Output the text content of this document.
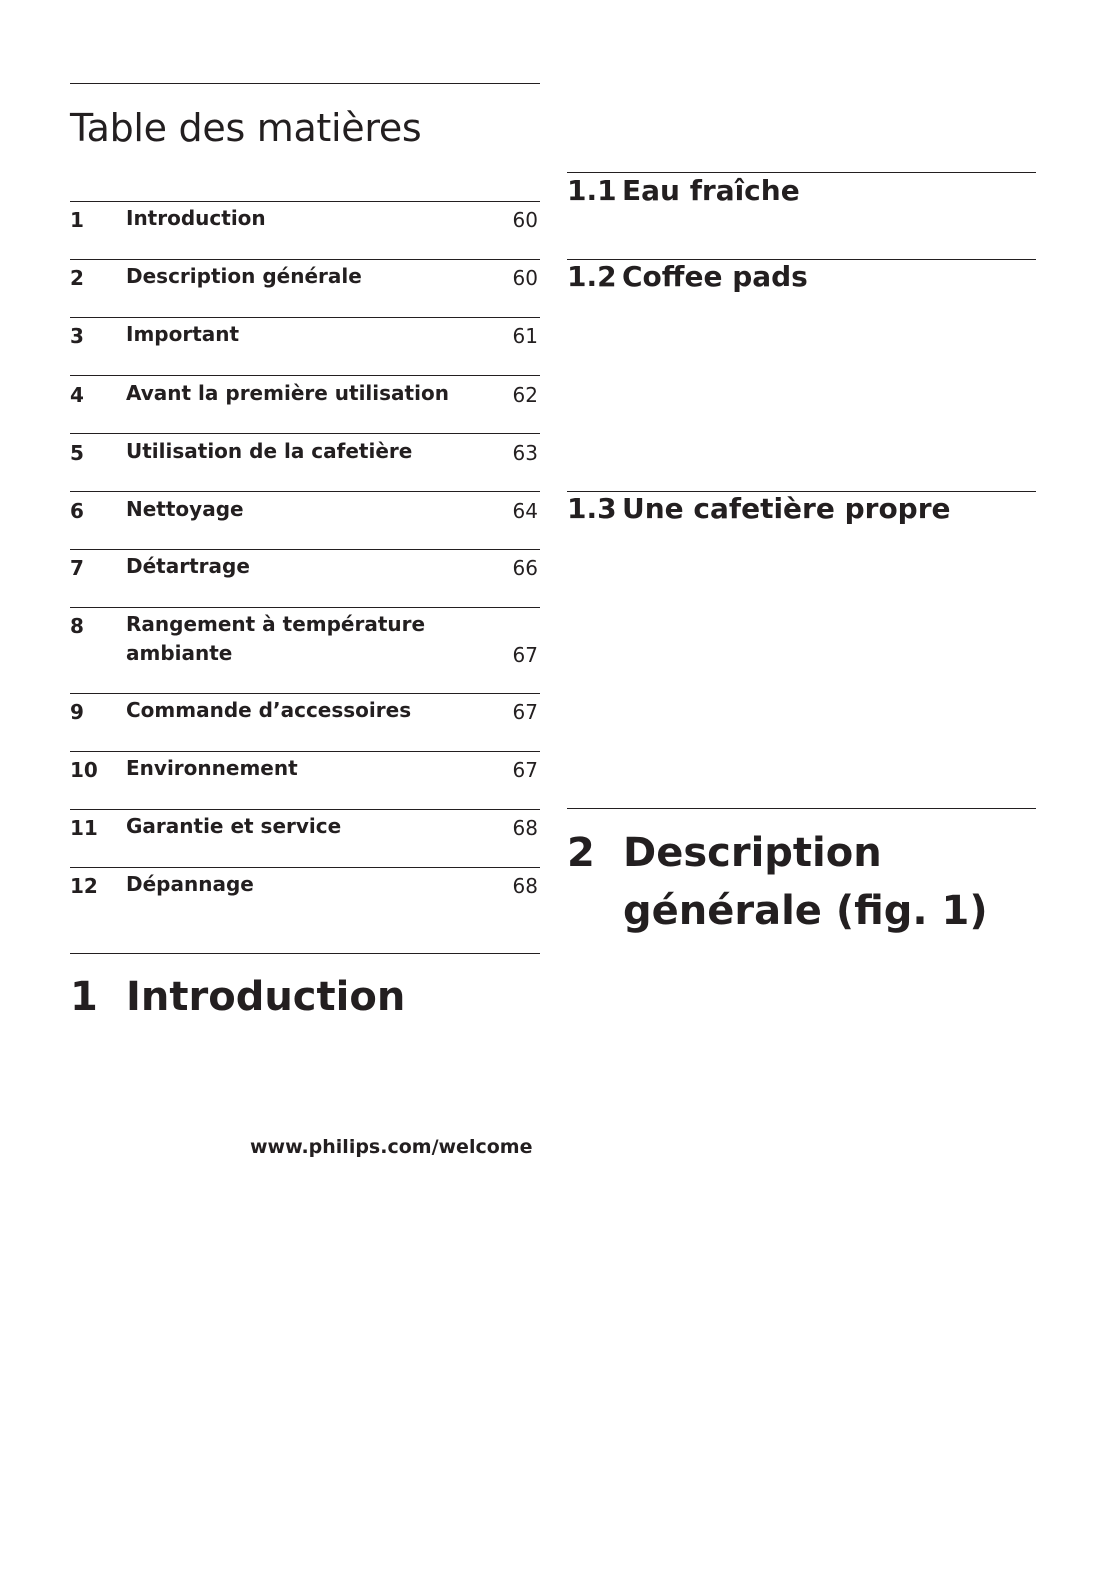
Table des matières
1 Introduction	60
2 Description générale	60
3 Important	61
4 Avant la première utilisation	62
5 Utilisation de la cafetière	63
6 Nettoyage	64
7 Détartrage	66
8 Rangement à température
ambiante	67
9 Commande d’accessoires	67
10 Environnement	67
11 Garantie et service	68
12 Dépannage	68
1 Introduction
www.philips.com/welcome
1.1 Eau fraîche
1.2 Coffee pads
1.3 Une cafetière propre
2 Description
générale (fig. 1)
